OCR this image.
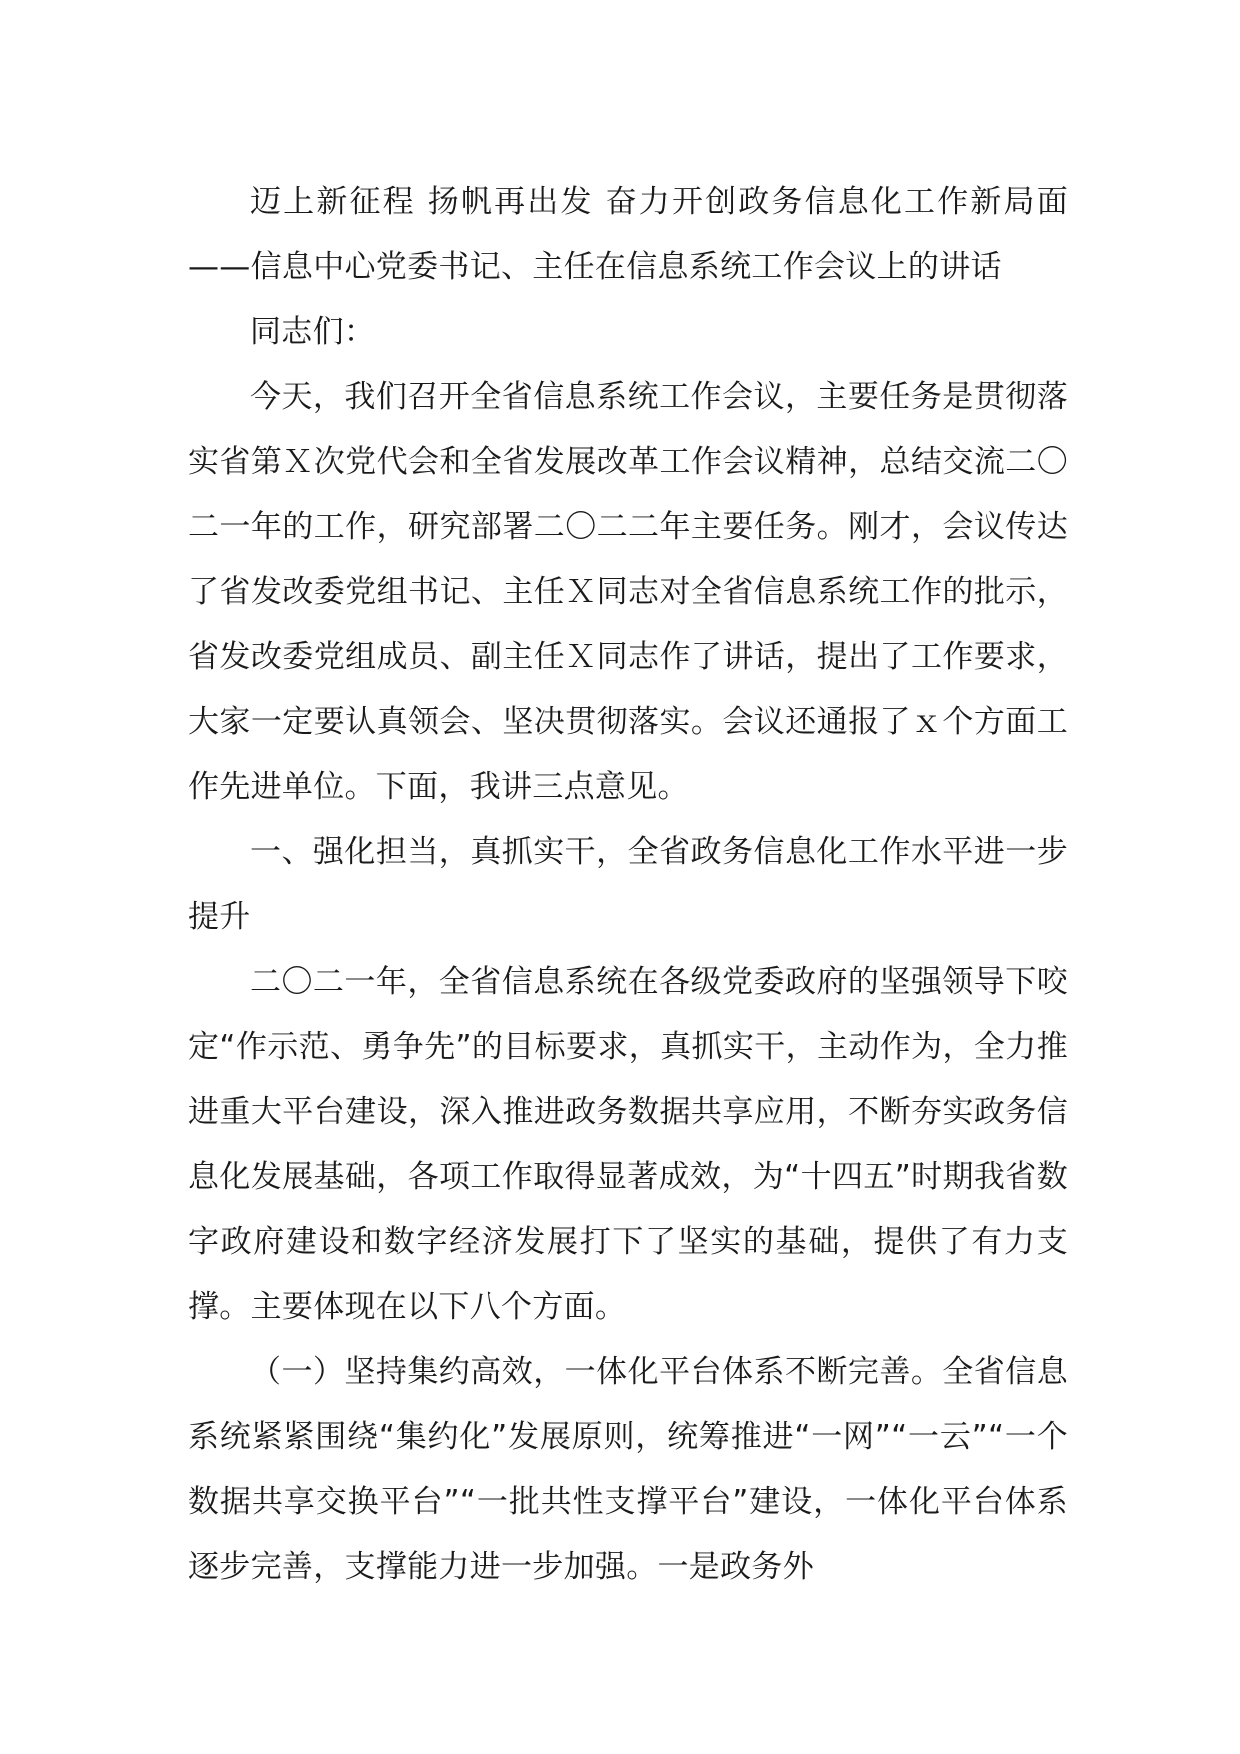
迈上新征程 扬帆再出发 奋力开创政务信息化工作新局面——信息中心党委书记、主任在信息系统工作会议上的讲话

同志们：

今天，我们召开全省信息系统工作会议，主要任务是贯彻落实省第Ｘ次党代会和全省发展改革工作会议精神，总结交流二〇二一年的工作，研究部署二〇二二年主要任务。刚才，会议传达了省发改委党组书记、主任Ｘ同志对全省信息系统工作的批示，省发改委党组成员、副主任Ｘ同志作了讲话，提出了工作要求，大家一定要认真领会、坚决贯彻落实。会议还通报了ｘ个方面工作先进单位。下面，我讲三点意见。

一、强化担当，真抓实干，全省政务信息化工作水平进一步提升

二〇二一年，全省信息系统在各级党委政府的坚强领导下咬定“作示范、勇争先”的目标要求，真抓实干，主动作为，全力推进重大平台建设，深入推进政务数据共享应用，不断夯实政务信息化发展基础，各项工作取得显著成效，为“十四五”时期我省数字政府建设和数字经济发展打下了坚实的基础，提供了有力支撑。主要体现在以下八个方面。

（一）坚持集约高效，一体化平台体系不断完善。全省信息系统紧紧围绕“集约化”发展原则，统筹推进“一网”“一云”“一个数据共享交换平台”“一批共性支撑平台”建设，一体化平台体系逐步完善，支撑能力进一步加强。一是政务外
